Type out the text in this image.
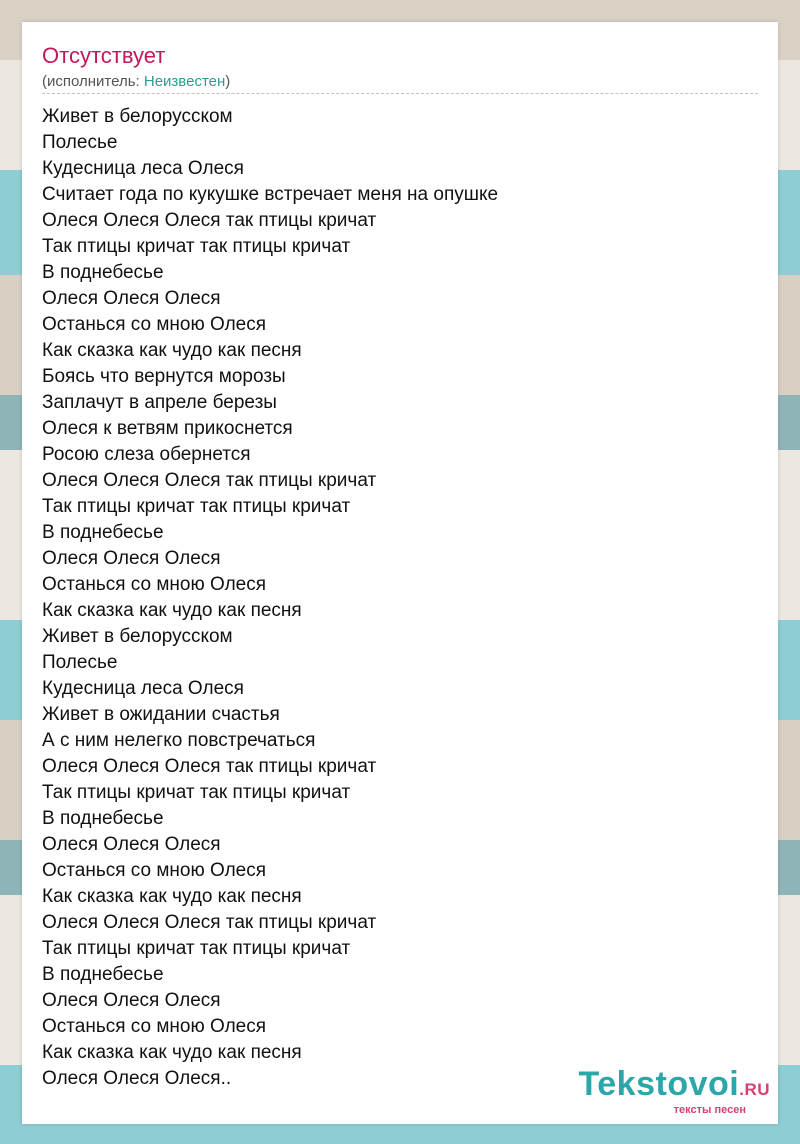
Отсутствует
(исполнитель: Неизвестен)
Живет в белорусском
Полесье
Кудесница леса Олеся
Считает года по кукушке встречает меня на опушке
Олеся Олеся Олеся так птицы кричат
Так птицы кричат так птицы кричат
В поднебесье
Олеся Олеся Олеся
Останься со мною Олеся
Как сказка как чудо как песня
Боясь что вернутся морозы
Заплачут в апреле березы
Олеся к ветвям прикоснется
Росою слеза обернется
Олеся Олеся Олеся так птицы кричат
Так птицы кричат так птицы кричат
В поднебесье
Олеся Олеся Олеся
Останься со мною Олеся
Как сказка как чудо как песня
Живет в белорусском
Полесье
Кудесница леса Олеся
Живет в ожидании счастья
А с ним нелегко повстречаться
Олеся Олеся Олеся так птицы кричат
Так птицы кричат так птицы кричат
В поднебесье
Олеся Олеся Олеся
Останься со мною Олеся
Как сказка как чудо как песня
Олеся Олеся Олеся так птицы кричат
Так птицы кричат так птицы кричат
В поднебесье
Олеся Олеся Олеся
Останься со мною Олеся
Как сказка как чудо как песня
Олеся Олеся Олеся..	Tekstovoi.RU
тексты песен
